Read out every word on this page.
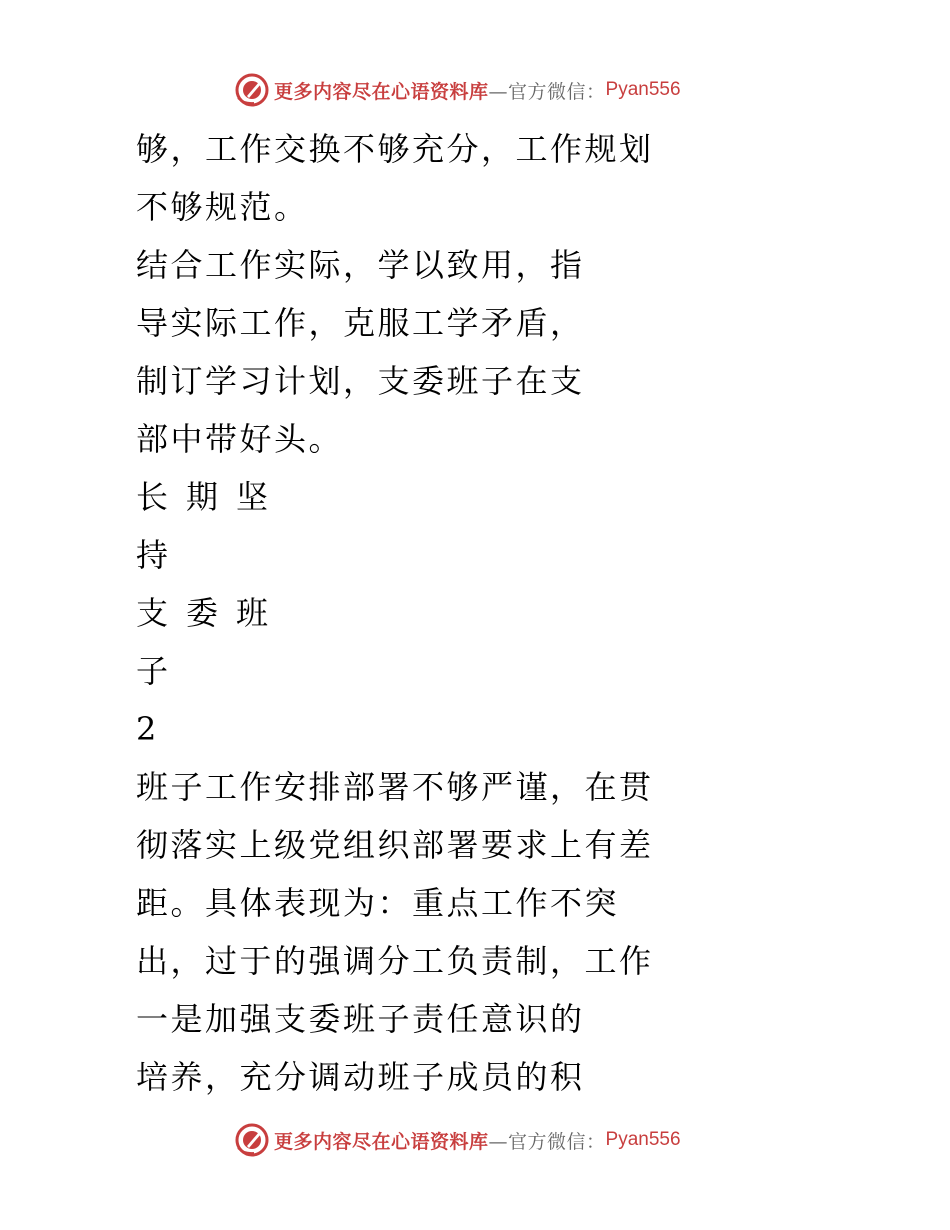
更多内容尽在心语资料库 —官方微信： Pyan556
够，工作交换不够充分，工作规划
不够规范。
结合工作实际，学以致用，指
导实际工作，克服工学矛盾，
制订学习计划，支委班子在支
部中带好头。
长期坚
持
支委班
子
2
班子工作安排部署不够严谨，在贯
彻落实上级党组织部署要求上有差
距。具体表现为：重点工作不突
出，过于的强调分工负责制，工作
一是加强支委班子责任意识的
培养，充分调动班子成员的积
更多内容尽在心语资料库 —官方微信： Pyan556
